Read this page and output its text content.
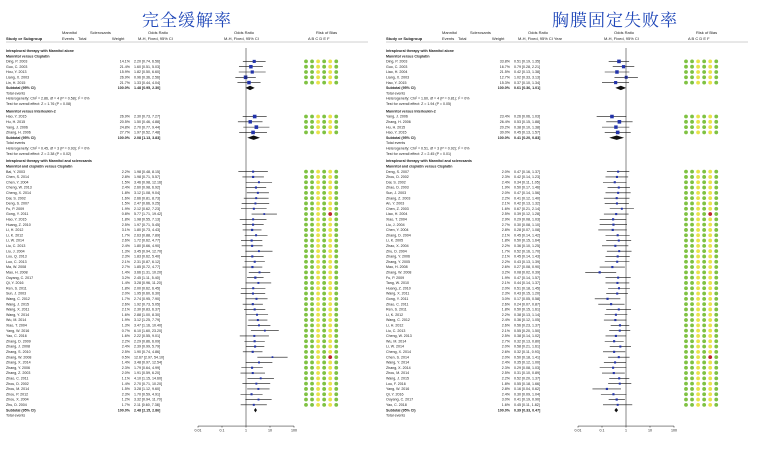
完全缓解率
Mannitol	Sclerosants
Study or Subgroup	Events Total	Weight
Odds Ratio
M-H, Fixed, 95% CI
Odds Ratio
M-H, Fixed, 95% CI
Risk of Bias
A B C D E F
Intrapleural therapy with Mannitol alone
Mannitol versus Cisplatin
Ding, P. 2003	14.1% 2.20 [0.74, 6.56]
Guo, C. 2003	21.4% 1.60 [0.51, 5.03]
Hou, Y. 2013	15.9% 1.82 [0.50, 6.60]
Liang, X. 2003	26.9% 0.96 [0.36, 2.56]
Lin, H. 2015	21.7% 1.33 [0.44, 4.04]
Subtotal (95% CI)	100.0% 1.48 [0.95, 2.30]
Total events
Heterogeneity: Chi² = 2.86, df = 4 (P = 0.58); I² = 0%
Test for overall effect: Z = 1.76 (P = 0.08)
Mannitol versus Interleukin-2
Hao, Y. 2015	26.9% 2.30 [0.73, 7.27]
Hu, H. 2015	20.5% 1.50 [0.46, 4.88]
Yang, J. 2006	24.8% 2.70 [0.77, 9.44]
Zhang, H. 2006	27.7% 1.97 [0.52, 7.48]
Subtotal (95% CI)	100.0% 2.08 [1.13, 3.83]
Total events
Heterogeneity: Chi² = 0.45, df = 3 (P = 0.93); I² = 0%
Test for overall effect: Z = 2.38 (P = 0.02)
Intrapleural therapy with Mannitol and sclerosants
Mannitol and cisplatin versus Cisplatin
Bai, Y. 2003	2.2% 1.98 [0.48, 8.15]
Chen, S. 2014	2.8% 1.98 [0.71, 5.57]
Chen, Y. 2004	1.5% 3.46 [0.98, 12.16]
Cheng, W. 2013	2.4% 2.60 [0.98, 6.92]
Cheng, X. 2014	1.8% 3.12 [1.08, 9.04]
Dai, S. 2002	1.6% 2.66 [0.81, 8.73]
Deng, S. 2007	1.5% 2.47 [0.66, 9.25]
Fu, P. 2009	1.9% 2.12 [0.62, 7.23]
Gong, Y. 2011	0.8% 5.77 [1.71, 19.42]
Hao, Y. 2015	1.8% 1.98 [0.55, 7.13]
Huang, Z. 2010	2.5% 1.97 [0.71, 5.45]
Li, H. 2012	3.1% 1.80 [0.73, 4.43]
Li, K. 2012	1.7% 2.63 [0.88, 7.89]
Li, W. 2014	2.6% 1.72 [0.62, 4.77]
Liu, C. 2013	2.4% 1.80 [0.66, 4.90]
Liu, J. 2004	1.3% 3.45 [0.94, 12.70]
Lou, Q. 2013	2.3% 1.83 [0.62, 5.40]
Luo, C. 2013	2.1% 2.31 [0.87, 6.12]
Ma, W. 2008	2.7% 1.85 [0.72, 4.77]
Mao, H. 2008	1.4% 3.66 [1.31, 10.20]
Ouyang, C. 2017	3.2% 2.45 [1.11, 5.40]
Qi, Y. 2016	1.4% 3.28 [0.96, 11.20]
Ren, S. 2011	1.8% 2.00 [0.62, 6.45]
Sun, J. 2003	2.0% 1.95 [0.60, 6.30]
Wang, C. 2012	1.7% 2.74 [0.95, 7.90]
Wang, J. 2015	2.6% 1.92 [0.73, 5.05]
Wang, X. 2011	2.1% 2.30 [0.83, 6.37]
Wang, Y. 2014	1.6% 2.88 [1.00, 8.30]
Wu, M. 2014	1.9% 3.12 [1.25, 7.79]
Xiao, T. 2004	1.3% 3.47 [1.16, 10.40]
Yang, W. 2016	0.7% 6.10 [1.60, 23.20]
Yao, C. 2016	1.6% 2.22 [0.55, 9.01]
Zhang, D. 2009	2.2% 2.29 [0.86, 6.09]
Zhang, J. 2008	2.4% 2.39 [0.99, 5.79]
Zhang, S. 2010	2.5% 1.90 [0.74, 4.86]
Zhang, W. 2008	0.5% 12.67 [2.97, 54.10]
Zhang, X. 2014	1.4% 3.48 [0.97, 12.54]
Zhang, Y. 2006	2.3% 1.79 [0.64, 4.99]
Zhang, Z. 2003	2.0% 1.91 [0.59, 6.20]
Zhao, C. 2011	1.1% 4.10 [1.15, 14.60]
Zhou, D. 2002	1.4% 2.70 [0.71, 10.20]
Zhou, M. 2014	1.5% 3.28 [1.12, 9.60]
Zhou, P. 2012	2.3% 1.70 [0.59, 4.91]
Zhou, X. 2004	1.2% 3.32 [0.94, 11.70]
Zhu, D. 2004	1.7% 2.11 [0.60, 7.38]
Subtotal (95% CI)	100.0% 2.48 [2.15, 2.86]
Total events
0.01	0.1	1	10	100
胸膜固定失败率
Mannitol	Sclerosants
Study or Subgroup	Events Total	Weight
Odds Ratio
M-H, Fixed, 95% CI Year
Odds Ratio
M-H, Fixed, 95% CI
Risk of Bias
A B C D E F
Intrapleural therapy with Mannitol alone
Mannitol versus Cisplatin
Ding, P. 2003	33.8% 0.51 [0.19, 1.35]
Guo, C. 2003	16.7% 0.79 [0.28, 2.21]
Liao, H. 2004	21.5% 0.42 [0.13, 1.38]
Liang, X. 2003	12.7% 1.02 [0.33, 3.13]
Hao, Y. 2015	15.3% 0.37 [0.10, 1.34]
Subtotal (95% CI)	100.0% 0.61 [0.36, 1.01]
Total events
Heterogeneity: Chi² = 1.60, df = 4 (P = 0.81); I² = 0%
Test for overall effect: Z = 1.94 (P = 0.05)
Mannitol versus Interleukin-2
Yang, J. 2006	23.4% 0.26 [0.06, 1.03]
Zhang, H. 2006	26.4% 0.53 [0.15, 1.88]
Hu, H. 2015	20.2% 0.38 [0.10, 1.38]
Hao, Y. 2015	30.0% 0.45 [0.13, 1.57]
Subtotal (95% CI)	100.0% 0.41 [0.20, 0.83]
Total events
Heterogeneity: Chi² = 0.51, df = 3 (P = 0.92); I² = 0%
Test for overall effect: Z = 2.45 (P = 0.01)
Intrapleural therapy with Mannitol and sclerosants
Mannitol and cisplatin versus Cisplatin
Deng, S. 2007	2.0% 0.47 [0.16, 1.37]
Zhou, D. 2002	2.3% 0.42 [0.14, 1.23]
Dai, S. 2002	2.4% 0.34 [0.11, 1.05]
Zhao, D. 2003	1.9% 0.50 [0.17, 1.46]
Sun, J. 2003	2.0% 0.47 [0.14, 1.56]
Zhang, Z. 2003	2.2% 0.41 [0.12, 1.40]
An, Y. 2003	2.1% 0.42 [0.13, 1.32]
Chen, Z. 2003	1.6% 0.67 [0.21, 2.14]
Liao, H. 2004	2.5% 0.39 [0.12, 1.28]
Xiao, T. 2004	2.9% 0.29 [0.08, 1.03]
Liu, J. 2004	2.7% 0.30 [0.08, 1.10]
Chen, Y. 2004	2.8% 0.28 [0.07, 1.08]
Zhang, D. 2004	2.1% 0.45 [0.14, 1.42]
Li, K. 2005	1.8% 0.50 [0.15, 1.64]
Zhao, X. 2004	2.2% 0.36 [0.10, 1.25]
Zhu, D. 2004	1.7% 0.52 [0.16, 1.70]
Zhang, Y. 2006	2.1% 0.45 [0.14, 1.43]
Zhang, Y. 2005	2.2% 0.43 [0.13, 1.39]
Mao, H. 2008	2.6% 0.27 [0.08, 0.90]
Zhang, W. 2008	3.2% 0.08 [0.02, 0.39]
Fu, P. 2009	1.9% 0.47 [0.14, 1.57]
Tang, W. 2010	2.1% 0.44 [0.14, 1.37]
Huang, Z. 2010	2.0% 0.51 [0.18, 1.45]
Wang, X. 2011	2.3% 0.43 [0.15, 1.20]
Gong, Y. 2011	3.0% 0.17 [0.05, 0.58]
Zhao, C. 2011	2.6% 0.24 [0.07, 0.87]
Ren, S. 2011	1.8% 0.50 [0.15, 1.61]
Li, K. 2012	2.2% 0.38 [0.13, 1.14]
Wang, C. 2012	2.4% 0.36 [0.12, 1.05]
Li, H. 2012	2.6% 0.56 [0.23, 1.37]
Liu, C. 2013	2.1% 0.55 [0.20, 1.50]
Cheng, W. 2013	2.5% 0.38 [0.14, 1.02]
Wu, M. 2014	2.7% 0.32 [0.13, 0.80]
Li, W. 2014	2.0% 0.58 [0.21, 1.61]
Cheng, X. 2014	2.6% 0.32 [0.11, 0.93]
Chen, S. 2014	2.0% 0.50 [0.18, 1.41]
Wang, Y. 2014	2.4% 0.35 [0.12, 1.00]
Zhang, X. 2014	2.3% 0.29 [0.08, 1.03]
Zhou, M. 2014	2.5% 0.31 [0.10, 0.89]
Wang, J. 2015	2.2% 0.52 [0.20, 1.37]
Lou, F. 2016	1.8% 0.55 [0.18, 1.66]
Yang, W. 2016	2.8% 0.16 [0.04, 0.62]
Qi, Y. 2016	2.4% 0.30 [0.09, 1.04]
Ouyang, C. 2017	3.0% 0.41 [0.19, 0.90]
Yao, C. 2018	1.6% 0.45 [0.11, 1.82]
Subtotal (95% CI)	100.0% 0.39 [0.33, 0.47]
Total events
0.01	0.1	1	10	100
